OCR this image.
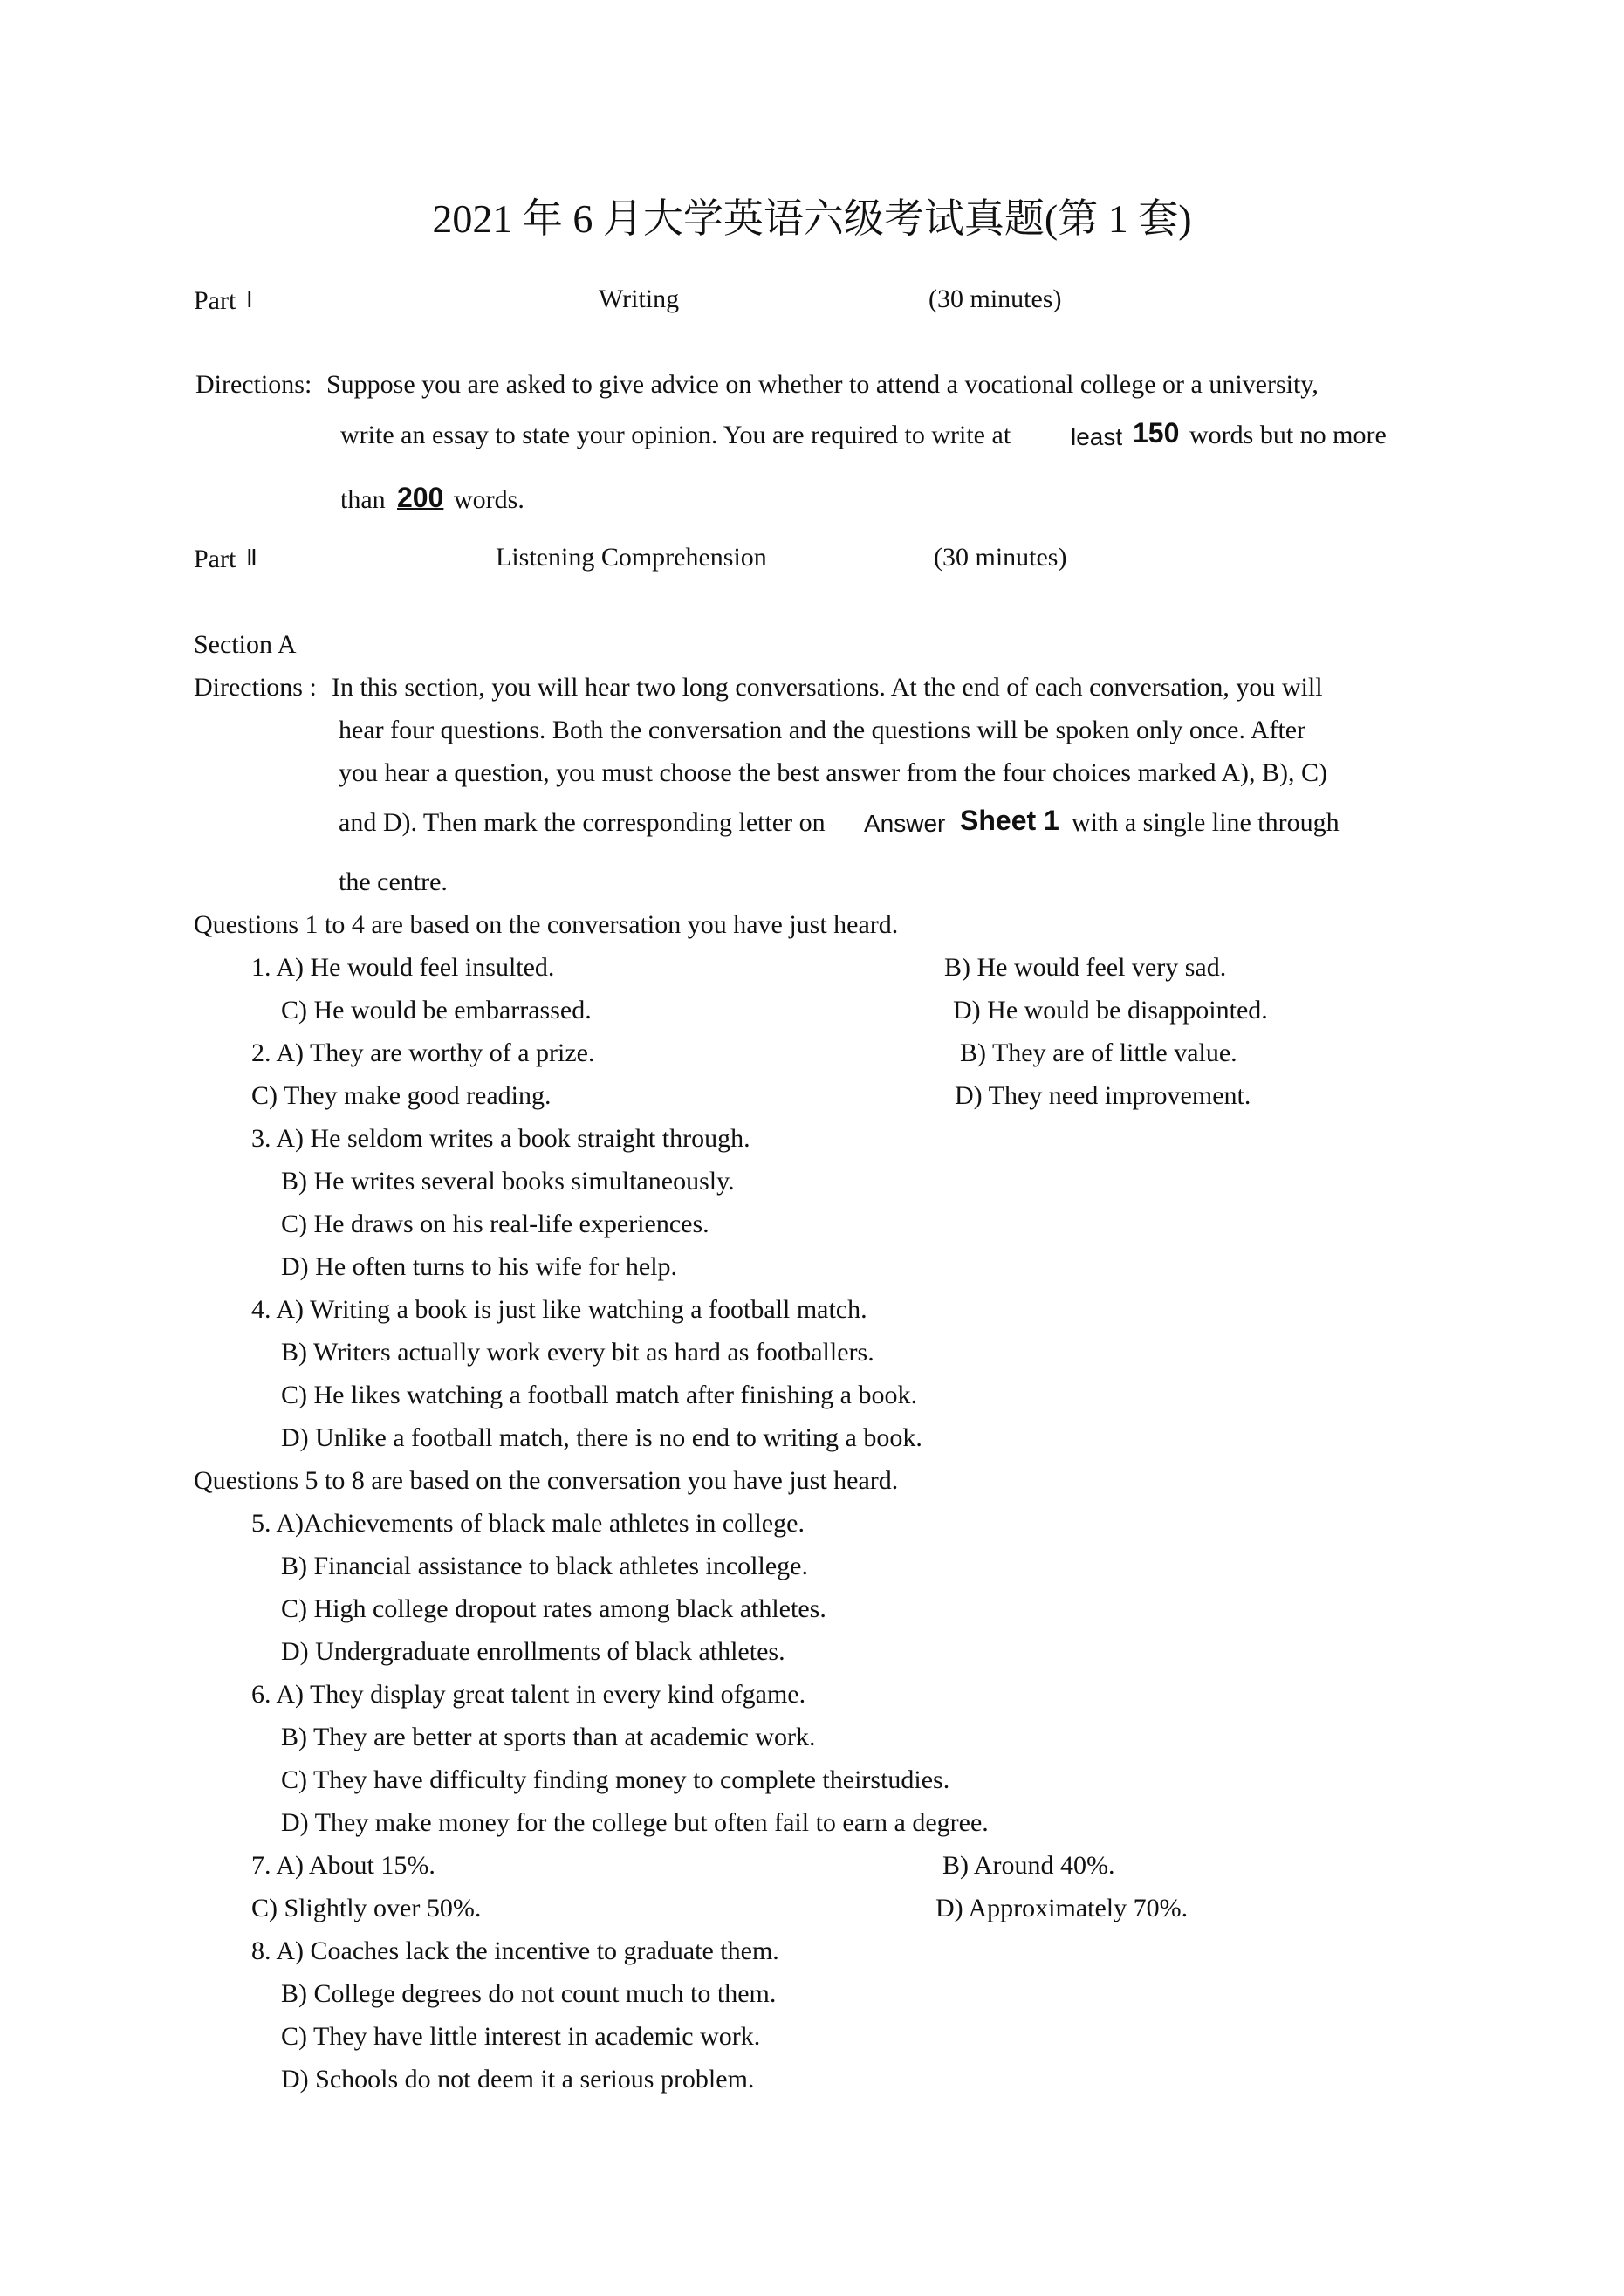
2021 年 6 月大学英语六级考试真题(第 1 套)
Part Ⅰ	Writing	(30 minutes)
Directions: Suppose you are asked to give advice on whether to attend a vocational college or a university,
write an essay to state your opinion. You are required to write at least 150 words but no more
than 200 words.
Part Ⅱ	Listening Comprehension	(30 minutes)
Section A
Directions : In this section, you will hear two long conversations. At the end of each conversation, you will
hear four questions. Both the conversation and the questions will be spoken only once. After
you hear a question, you must choose the best answer from the four choices marked A), B), C)
and D). Then mark the corresponding letter on Answer Sheet 1 with a single line through
the centre.
Questions 1 to 4 are based on the conversation you have just heard.
1. A) He would feel insulted.	B) He would feel very sad.
C) He would be embarrassed.	D) He would be disappointed.
2. A) They are worthy of a prize.	B) They are of little value.
C) They make good reading.	D) They need improvement.
3. A) He seldom writes a book straight through.
B) He writes several books simultaneously.
C) He draws on his real-life experiences.
D) He often turns to his wife for help.
4. A) Writing a book is just like watching a football match.
B) Writers actually work every bit as hard as footballers.
C) He likes watching a football match after finishing a book.
D) Unlike a football match, there is no end to writing a book.
Questions 5 to 8 are based on the conversation you have just heard.
5. A)Achievements of black male athletes in college.
B) Financial assistance to black athletes incollege.
C) High college dropout rates among black athletes.
D) Undergraduate enrollments of black athletes.
6. A) They display great talent in every kind ofgame.
B) They are better at sports than at academic work.
C) They have difficulty finding money to complete theirstudies.
D) They make money for the college but often fail to earn a degree.
7. A) About 15%.	B) Around 40%.
C) Slightly over 50%.	D) Approximately 70%.
8. A) Coaches lack the incentive to graduate them.
B) College degrees do not count much to them.
C) They have little interest in academic work.
D) Schools do not deem it a serious problem.
